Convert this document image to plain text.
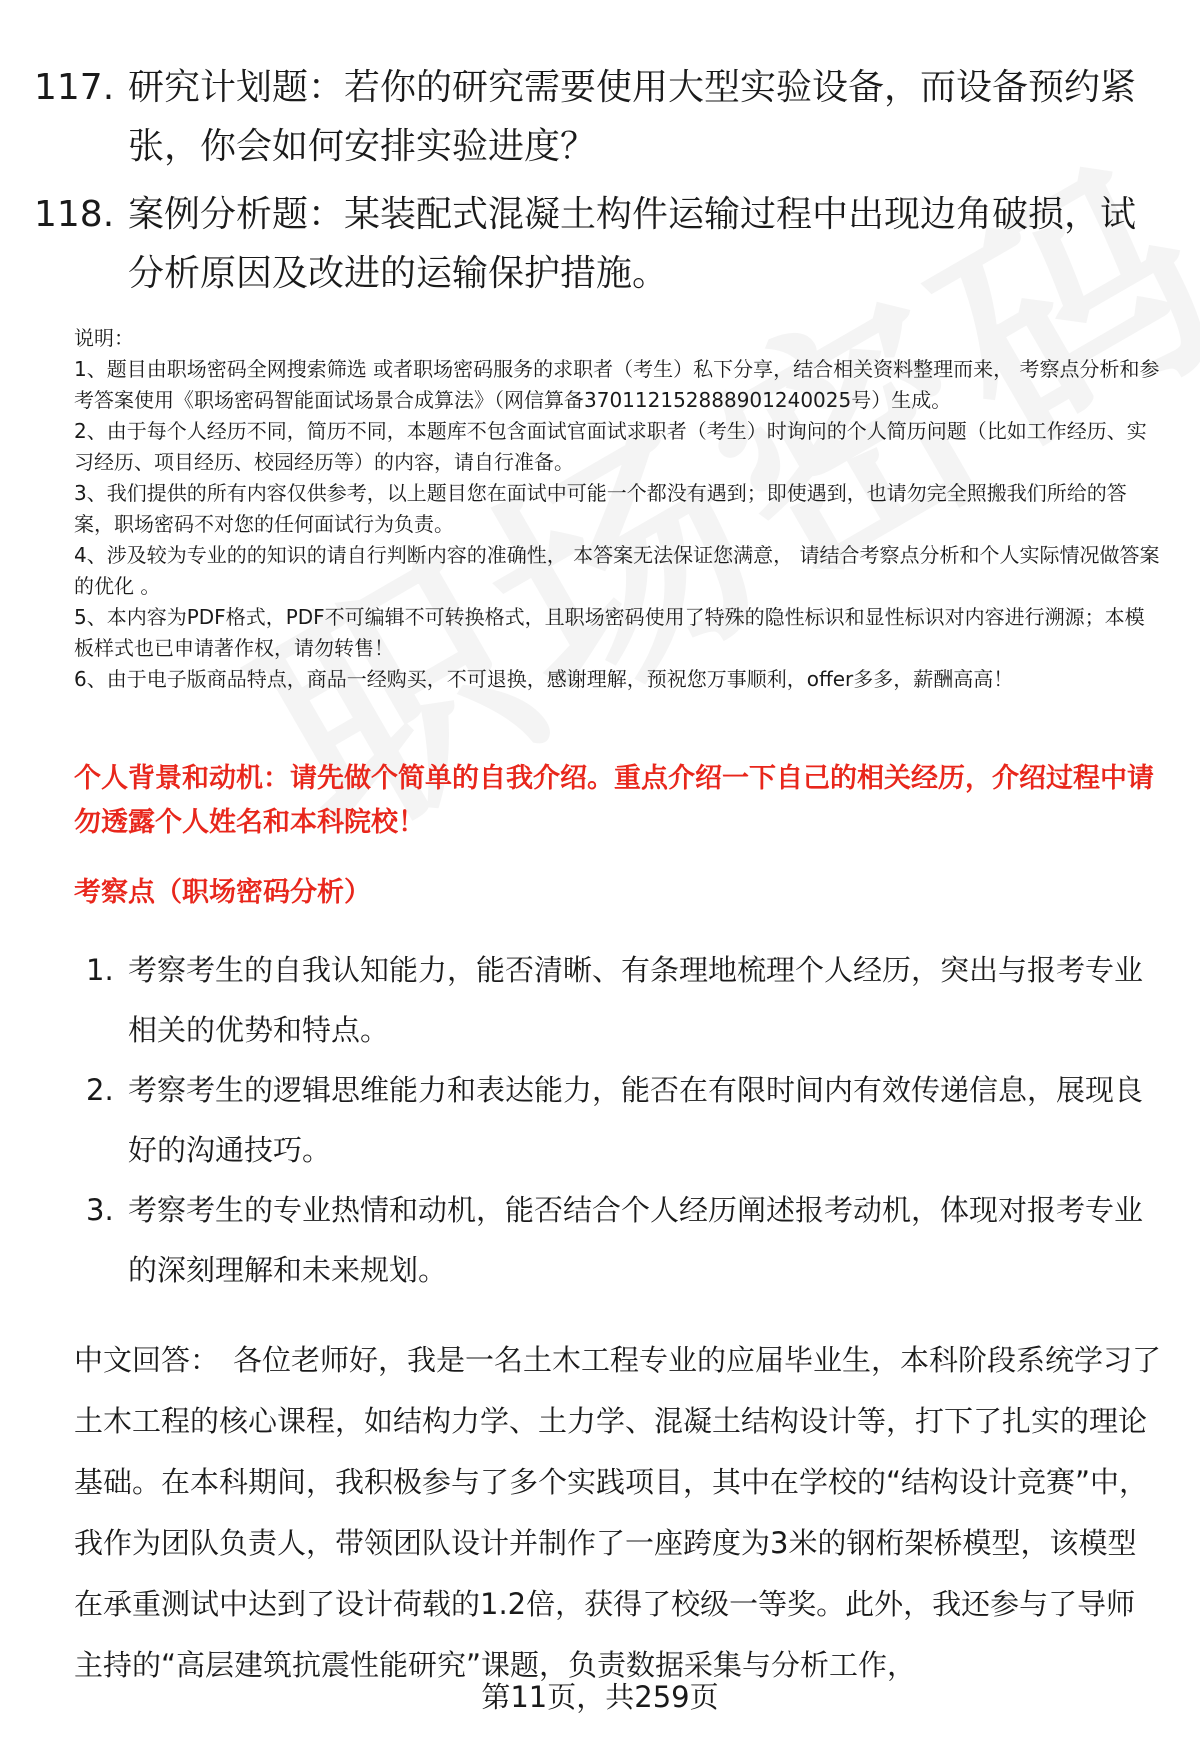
117. 研究计划题：若你的研究需要使用大型实验设备，而设备预约紧张，你会如何安排实验进度？
118. 案例分析题：某装配式混凝土构件运输过程中出现边角破损，试分析原因及改进的运输保护措施。

说明：

1、题目由职场密码全网搜索筛选 或者职场密码服务的求职者（考生）私下分享，结合相关资料整理而来， 考察点分析和参考答案使用《职场密码智能面试场景合成算法》（网信算备370112152888901240025号）生成。

2、由于每个人经历不同，简历不同，本题库不包含面试官面试求职者（考生）时询问的个人简历问题（比如工作经历、实习经历、项目经历、校园经历等）的内容，请自行准备。

3、我们提供的所有内容仅供参考，以上题目您在面试中可能一个都没有遇到；即使遇到，也请勿完全照搬我们所给的答案，职场密码不对您的任何面试行为负责。

4、涉及较为专业的的知识的请自行判断内容的准确性， 本答案无法保证您满意， 请结合考察点分析和个人实际情况做答案的优化 。

5、本内容为PDF格式，PDF不可编辑不可转换格式，且职场密码使用了特殊的隐性标识和显性标识对内容进行溯源；本模板样式也已申请著作权，请勿转售！

6、由于电子版商品特点，商品一经购买，不可退换，感谢理解，预祝您万事顺利，offer多多，薪酬高高！

个人背景和动机：请先做个简单的自我介绍。重点介绍一下自己的相关经历，介绍过程中请勿透露个人姓名和本科院校！
考察点（职场密码分析）
1. 考察考生的自我认知能力，能否清晰、有条理地梳理个人经历，突出与报考专业相关的优势和特点。
2. 考察考生的逻辑思维能力和表达能力，能否在有限时间内有效传递信息，展现良好的沟通技巧。
3. 考察考生的专业热情和动机，能否结合个人经历阐述报考动机，体现对报考专业的深刻理解和未来规划。
中文回答： 各位老师好，我是一名土木工程专业的应届毕业生，本科阶段系统学习了土木工程的核心课程，如结构力学、土力学、混凝土结构设计等，打下了扎实的理论基础。在本科期间，我积极参与了多个实践项目，其中在学校的“结构设计竞赛”中，我作为团队负责人，带领团队设计并制作了一座跨度为3米的钢桁架桥模型，该模型在承重测试中达到了设计荷载的1.2倍，获得了校级一等奖。此外，我还参与了导师主持的“高层建筑抗震性能研究”课题，负责数据采集与分析工作，
第11页，共259页
